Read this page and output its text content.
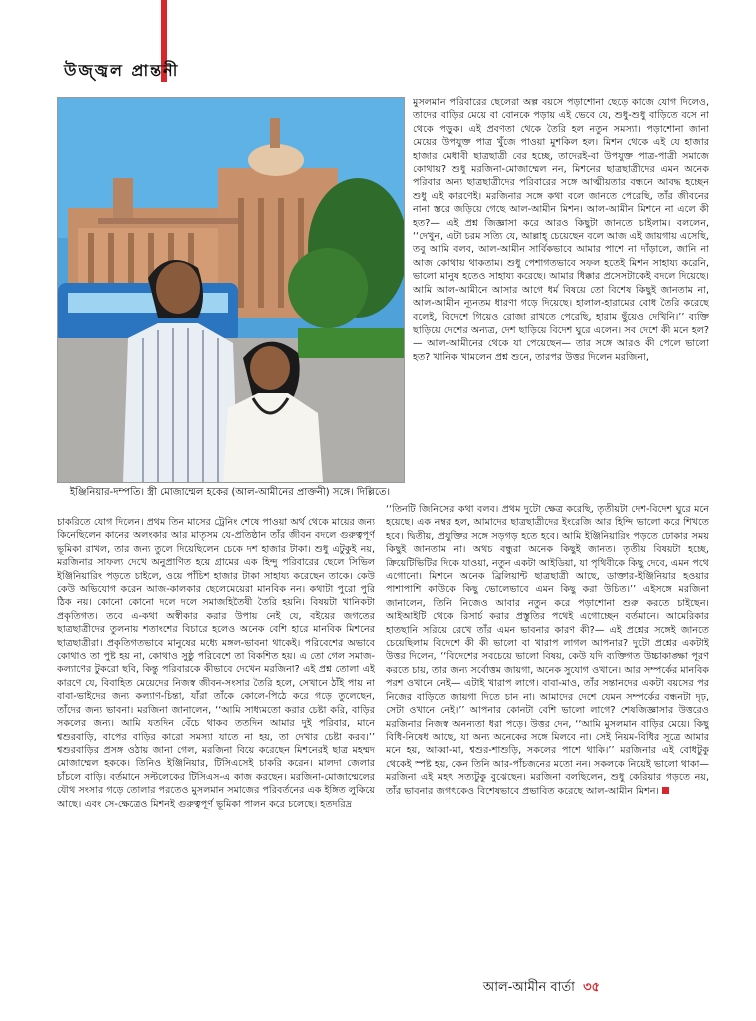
উজ্জ্বল প্রান্তনী
ইঞ্জিনিয়ার-দম্পতি। স্ত্রী মোজাম্মেল হকের (আল-আমীনের প্রাক্তনী) সঙ্গে। দিল্লিতে।

মুসলমান পরিবারের ছেলেরা অল্প বয়সে পড়াশোনা ছেড়ে কাজে যোগ দিলেও, তাদের বাড়ির মেয়ে বা বোনকে পড়ায় এই ভেবে যে, শুধু-শুধু বাড়িতে বসে না থেকে পড়ুক। এই প্রবণতা থেকে তৈরি হল নতুন সমস্যা। পড়াশোনা জানা মেয়ের উপযুক্ত পাত্র খুঁজে পাওয়া মুশকিল হল। মিশন থেকে এই যে হাজার হাজার মেধাবী ছাত্রছাত্রী বের হচ্ছে, তাদেরই-বা উপযুক্ত পাত্র-পাত্রী সমাজে কোথায়? শুধু মরজিনা-মোজাম্মেল নন, মিশনের ছাত্রছাত্রীদের এমন অনেক পরিবার অন্য ছাত্রছাত্রীদের পরিবারের সঙ্গে আত্মীয়তার বন্ধনে আবদ্ধ হচ্ছেন শুধু এই কারণেই। মরজিনার সঙ্গে কথা বলে জানতে পেরেছি, তাঁর জীবনের নানা স্তরে জড়িয়ে গেছে আল-আমীন মিশন। আল-আমীন মিশনে না এলে কী হত?— এই প্রশ্ন জিজ্ঞাসা করে আরও কিছুটা জানতে চাইলাম। বললেন, ‘‘দেখুন, এটা চরম সত্যি যে, আল্লাহ্ চেয়েছেন বলে আজ এই জায়গায় এসেছি, তবু আমি বলব, আল-আমীন সার্বিকভাবে আমার পাশে না দাঁড়ালে, জানি না আজ কোথায় থাকতাম। শুধু পেশাগতভাবে সফল হতেই মিশন সাহায্য করেনি, ভালো মানুষ হতেও সাহায্য করেছে। আমার ধিক্কার প্রসেসটাকেই বদলে দিয়েছে। আমি আল-আমীনে আসার আগে ধর্ম বিষয়ে তো বিশেষ কিছুই জানতাম না, আল-আমীন ন্যূনতম ধারণা গড়ে দিয়েছে। হালাল-হারামের বোধ তৈরি করেছে বলেই, বিদেশে গিয়েও রোজা রাখতে পেরেছি, হারাম ছুঁয়েও দেখিনি।’’ ব্যক্তি ছাড়িয়ে দেশের অন্যত্র, দেশ ছাড়িয়ে বিদেশ ঘুরে এলেন। সব দেশে কী মনে হল?— আল-আমীনের থেকে যা পেয়েছেন— তার সঙ্গে আরও কী পেলে ভালো হত? খানিক খামলেন প্রশ্ন শুনে, তারপর উত্তর দিলেন মরজিনা,

চাকরিতে যোগ দিলেন। প্রথম তিন মাসের ট্রেনিং শেষে পাওয়া অর্থ থেকে মায়ের জন্য কিনেছিলেন কানের অলংকার আর মাতৃসম যে-প্রতিষ্ঠান তাঁর জীবন বদলে গুরুত্বপূর্ণ ভূমিকা রাখল, তার জন্য তুলে দিয়েছিলেন চেকে দশ হাজার টাকা। শুধু এটুকুই নয়, মরজিনার সাফল্য দেখে অনুপ্রাণিত হয়ে গ্রামের এক হিন্দু পরিবারের ছেলে সিভিল ইঞ্জিনিয়ারিং পড়তে চাইলে, ওয়ে পাঁচিশ হাজার টাকা সাহায্য করেছেন তাকে। কেউ কেউ অভিযোগ করেন আজ-কালকার ছেলেমেয়েরা মানবিক নন। কথাটা পুরো পুরি ঠিক নয়। কোনো কোনো দলে দলে সমাজহিতৈষী তৈরি হয়নি। বিষয়টা খানিকটা প্রকৃতিগত। তবে এ-কথা অস্বীকার করার উপায় নেই যে, বইয়ের জগতের ছাত্রছাত্রীদের তুলনায় শতাংশের বিচারে হলেও অনেক বেশি হারে মানবিক মিশনের ছাত্রছাত্রীরা। প্রকৃতিগতভাবে মানুষের মধ্যে মঙ্গল-ভাবনা থাকেই। পরিবেশের অভাবে কোথাও তা পুষ্ট হয় না, কোথাও সুষ্ঠু পরিবেশে তা বিকশিত হয়। এ তো গেল সমাজ-কল্যাণের টুকরো ছবি, কিন্তু পরিবারকে কীভাবে দেখেন মরজিনা? এই প্রশ্ন তোলা এই কারণে যে, বিবাহিত মেয়েদের নিজস্ব জীবন-সংসার তৈরি হলে, সেখানে ঠাঁই পায় না বাবা-ভাইদের জন্য কল্যাণ-চিন্তা, যাঁরা তাঁকে কোলে-পিঠে করে গড়ে তুলেছেন, তাঁদের জন্য ভাবনা। মরজিনা জানালেন, ‘‘আমি সাধ্যমতো করার চেষ্টা করি, বাড়ির সকলের জন্য। আমি যতদিন বেঁচে থাকব ততদিন আমার দুই পরিবার, মানে শ্বশুরবাড়ি, বাপের বাড়ির কারো সমস্যা যাতে না হয়, তা দেখার চেষ্টা করব।’’ শ্বশুরবাড়ির প্রসঙ্গ ওঠায় জানা গেল, মরজিনা বিয়ে করেছেন মিশনেরই ছাত্র মহম্মদ মোজাম্মেল হককে। তিনিও ইঞ্জিনিয়ার, টিসিএসেই চাকরি করেন। মালদা জেলার চাঁচলে বাড়ি। বর্তমানে সল্টলেকের টিসিএস-এ কাজ করছেন। মরজিনা-মোজাম্মেলের যৌথ সংসার গড়ে তোলার পরতেও মুসলমান সমাজের পরিবর্তনের এক ইঙ্গিত লুকিয়ে আছে। এবং সে-ক্ষেত্রেও মিশনই গুরুত্বপূর্ণ ভূমিকা পালন করে চলেছে। হতদরিদ্র

‘‘তিনটি জিনিসের কথা বলব। প্রথম দুটো ক্ষেত্র করেছি, তৃতীয়টা দেশ-বিদেশ ঘুরে মনে হয়েছে। এক নম্বর হল, আমাদের ছাত্রছাত্রীদের ইংরেজি আর হিন্দি ভালো করে শিখতে হবে। দ্বিতীয়, প্রযুক্তির সঙ্গে সড়গড় হতে হবে। আমি ইঞ্জিনিয়ারিং পড়তে ঢোকার সময় কিছুই জানতাম না। অথচ বন্ধুরা অনেক কিছুই জানত। তৃতীয় বিষয়টা হচ্ছে, ক্রিয়েটিভিটির দিকে যাওয়া, নতুন একটা আইডিয়া, যা পৃথিবীকে কিছু দেবে, এমন পথে এগোনো। মিশনে অনেক ব্রিলিয়ান্ট ছাত্রছাত্রী আছে, ডাক্তার-ইঞ্জিনিয়ার হওয়ার পাশাপাশি কাউকে কিছু ভোলেভাবে এমন কিছু করা উচিত।’’ এইসঙ্গে মরজিনা জানালেন, তিনি নিজেও আবার নতুন করে পড়াশোনা শুরু করতে চাইছেন। আইআইটি থেকে রিসার্চ করার প্রস্তুতির পথেই এগোচ্ছেন বর্তমানে। আমেরিকার হাতছানি সরিয়ে রেখে তাঁর এমন ভাবনার কারণ কী?— এই প্রশ্নের সঙ্গেই জানতে চেয়েছিলাম বিদেশে কী কী ভালো বা খারাপ লাগল আপনার? দুটো প্রশ্নের একটাই উত্তর দিলেন, ‘‘বিদেশের সবচেয়ে ভালো বিষয়, কেউ যদি ব্যক্তিগত উচ্চাকাঙ্ক্ষা পূরণ করতে চায়, তার জন্য সর্বোত্তম জায়গা, অনেক সুযোগ ওখানে। আর সম্পর্কের মানবিক পরশ ওখানে নেই— এটাই খারাপ লাগে। বাবা-মাও, তাঁর সন্তানদের একটা বয়সের পর নিজের বাড়িতে জায়গা দিতে চান না। আমাদের দেশে যেমন সম্পর্কের বন্ধনটা দৃঢ়, সেটা ওখানে নেই।’’ আপনার কোনটা বেশি ভালো লাগে? শেষজিজ্ঞাসার উত্তরেও মরজিনার নিজস্ব অনন্যতা ধরা পড়ে। উত্তর দেন, ‘‘আমি মুসলমান বাড়ির মেয়ে। কিছু বিধি-নিষেধ আছে, যা অন্য অনেকের সঙ্গে মিলবে না। সেই নিয়ম-বিধির সূত্রে আমার মনে হয়, আব্বা-মা, শ্বশুর-শাশুড়ি, সকলের পাশে থাকি।’’ মরজিনার এই বোধটুকু থেকেই স্পষ্ট হয়, কেন তিনি আর-পাঁচজনের মতো নন। সকলকে নিয়েই ভালো থাকা— মরজিনা এই মহৎ সত্যটুকু বুঝেছেন। মরজিনা বলছিলেন, শুধু কেরিয়ার গড়তে নয়, তাঁর ভাবনার জগৎকেও বিশেষভাবে প্রভাবিত করেছে আল-আমীন মিশন।

আল-আমীন বার্তা ৩৫
